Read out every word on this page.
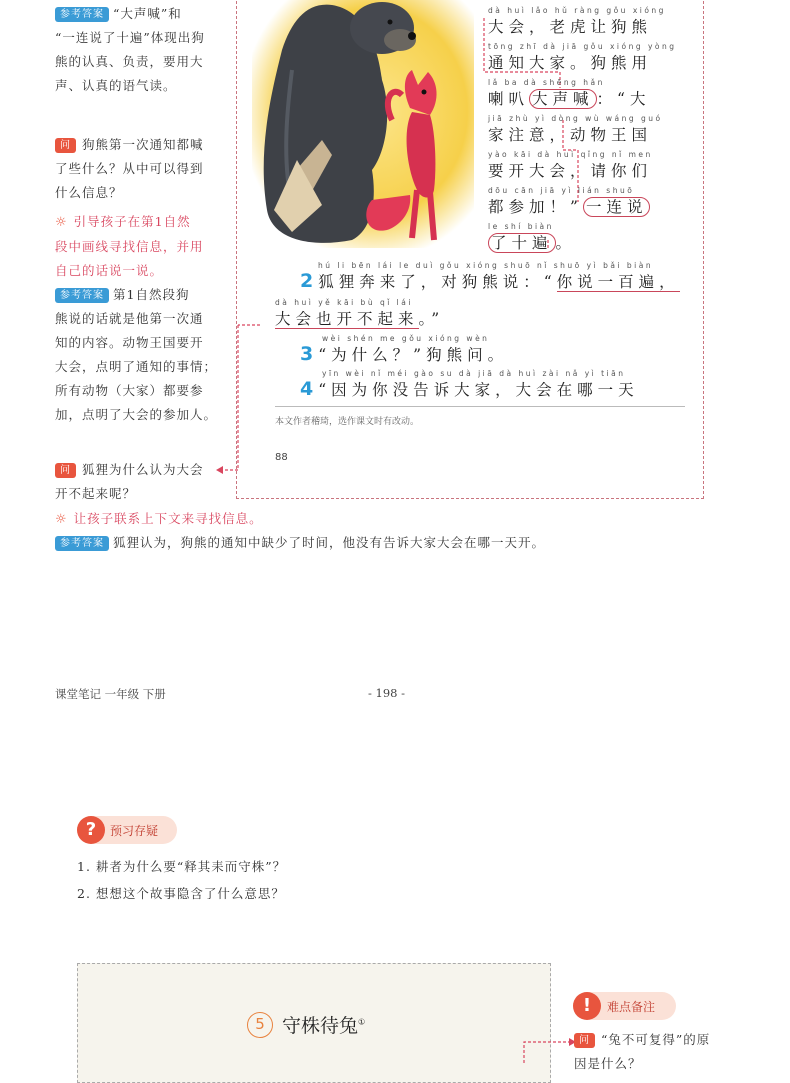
参考答案 “大声喊”和
“一连说了十遍”体现出狗
熊的认真、负责，要用大
声、认真的语气读。
问 狗熊第一次通知都喊
了些什么？从中可以得到
什么信息？
☼ 引导孩子在第1自然
段中画线寻找信息，并用
自己的话说一说。
参考答案 第1自然段狗
熊说的话就是他第一次通
知的内容。动物王国要开
大会，点明了通知的事情；
所有动物（大家）都要参
加，点明了大会的参加人。
问 狐狸为什么认为大会
开不起来呢？
☼ 让孩子联系上下文来寻找信息。
参考答案 狐狸认为，狗熊的通知中缺少了时间，他没有告诉大家大会在哪一天开。
dà huì lǎo hǔ ràng gǒu xióng
大会，老虎让狗熊
tōng zhī dà jiā gǒu xióng yòng
通知大家。狗熊用
lǎ ba dà shēng hǎn
喇叭 大声喊 ：“大
jiā zhù yì dòng wù wáng guó
家注意，动物王国
yào kāi dà huì qǐng nǐ men
要开大会，请你们
dōu cān jiā yì lián shuō
都参加！” 一连说
le shí biàn
了十遍 。
hú li bēn lái le duì gǒu xióng shuō nǐ shuō yì bǎi biàn
2狐狸奔来了，对狗熊说：“你说一百遍，
dà huì yě kāi bù qǐ lái
大会也开不起来。”
wèi shén me gǒu xióng wèn
3“为什么？”狗熊问。
yīn wèi nǐ méi gào su dà jiā dà huì zài nǎ yì tiān
4“因为你没告诉大家，大会在哪一天
本文作者稽琦，选作课文时有改动。
88
课堂笔记 一年级 下册	- 198 -
?	预习存疑
1. 耕者为什么要“释其耒而守株”？
2. 想想这个故事隐含了什么意思？
5 守株待兔①
!	难点备注
问 “兔不可复得”的原
因是什么？
